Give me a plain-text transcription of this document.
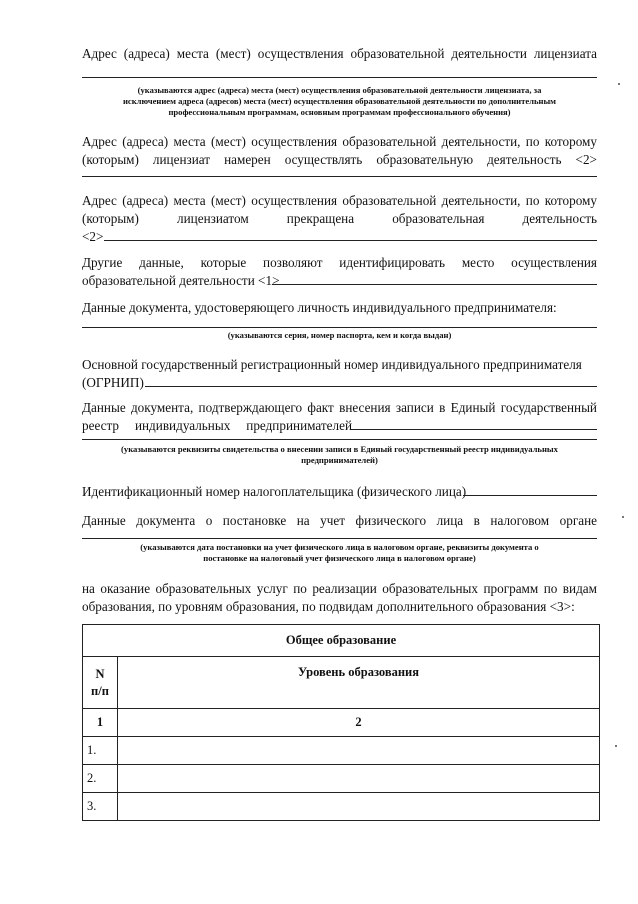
Адрес (адреса) места (мест) осуществления образовательной деятельности лицензиата
(указываются адрес (адреса) места (мест) осуществления образовательной деятельности лицензиата, за
исключением адреса (адресов) места (мест) осуществления образовательной деятельности по дополнительным
профессиональным программам, основным программам профессионального обучения)
Адрес (адреса) места (мест) осуществления образовательной деятельности, по которому
(которым) лицензиат намерен осуществлять образовательную деятельность <2>
Адрес (адреса) места (мест) осуществления образовательной деятельности, по которому
(которым) лицензиатом прекращена образовательная деятельность
<2>
Другие данные, которые позволяют идентифицировать место осуществления
образовательной деятельности <1>
Данные документа, удостоверяющего личность индивидуального предпринимателя:
(указываются серия, номер паспорта, кем и когда выдан)
Основной государственный регистрационный номер индивидуального предпринимателя
(ОГРНИП)
Данные документа, подтверждающего факт внесения записи в Единый государственный
реестр индивидуальных предпринимателей
(указываются реквизиты свидетельства о внесении записи в Единый государственный реестр индивидуальных
предпринимателей)
Идентификационный номер налогоплательщика (физического лица)
Данные документа о постановке на учет физического лица в налоговом органе
(указываются дата постановки на учет физического лица в налоговом органе, реквизиты документа о
постановке на налоговый учет физического лица в налоговом органе)
на оказание образовательных услуг по реализации образовательных программ по видам
образования, по уровням образования, по подвидам дополнительного образования <3>:
Общее образование	

N
п/п	Уровень образования
1	2
1.	
2.	
3.	
